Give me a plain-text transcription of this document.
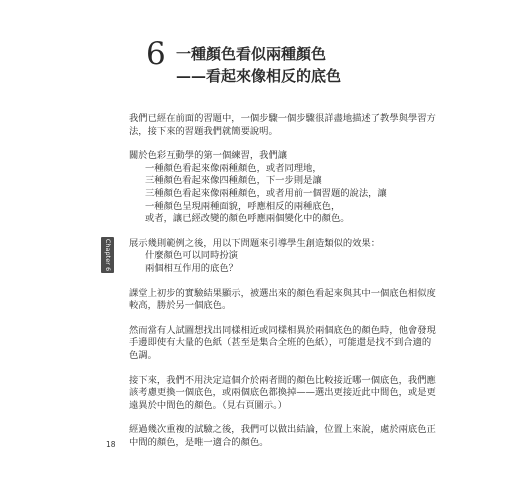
6 一種顏色看似兩種顏色
——看起來像相反的底色

我們已經在前面的習題中，一個步驟一個步驟很詳盡地描述了教學與學習方
法，接下來的習題我們就簡要說明。

關於色彩互動學的第一個練習，我們讓
一種顏色看起來像兩種顏色，或者同理地，
三種顏色看起來像四種顏色，下一步則是讓
三種顏色看起來像兩種顏色，或者用前一個習題的說法，讓
一種顏色呈現兩種面貌，呼應相反的兩種底色，
或者，讓已經改變的顏色呼應兩個變化中的顏色。

展示幾則範例之後，用以下問題來引導學生創造類似的效果：
什麼顏色可以同時扮演
兩個相互作用的底色？

課堂上初步的實驗結果顯示，被選出來的顏色看起來與其中一個底色相似度
較高，勝於另一個底色。

然而當有人試圖想找出同樣相近或同樣相異於兩個底色的顏色時，他會發現
手邊即使有大量的色紙（甚至是集合全班的色紙），可能還是找不到合適的
色調。

接下來，我們不用決定這個介於兩者間的顏色比較接近哪一個底色，我們應
該考慮更換一個底色，或兩個底色都換掉——選出更接近此中間色，或是更
遠異於中間色的顏色。（見右頁圖示。）

經過幾次重複的試驗之後，我們可以做出結論，位置上來說，處於兩底色正
中間的顏色，是唯一適合的顏色。

Chapter 6
18
